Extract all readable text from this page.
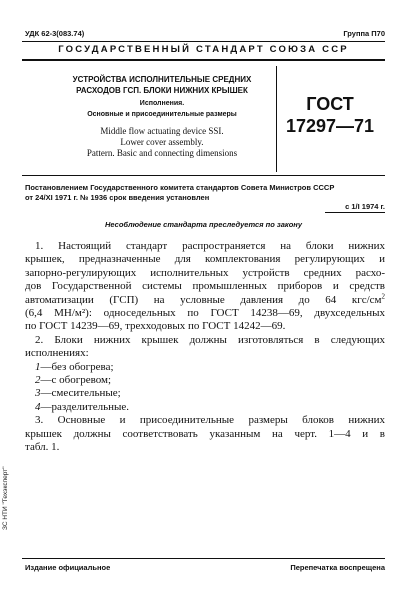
УДК 62-3(083.74)	Группа П70
ГОСУДАРСТВЕННЫЙ СТАНДАРТ СОЮЗА ССР
УСТРОЙСТВА ИСПОЛНИТЕЛЬНЫЕ СРЕДНИХ
РАСХОДОВ ГСП. БЛОКИ НИЖНИХ КРЫШЕК
Исполнения.
Основные и присоединительные размеры
Middle flow actuating device SSI.
Lower cover assembly.
Pattern. Basic and connecting dimensions
ГОСТ
17297—71
Постановлением Государственного комитета стандартов Совета Министров СССР
от 24/XI 1971 г. № 1936 срок введения установлен
с 1/I 1974 г.
Несоблюдение стандарта преследуется по закону
1. Настоящий стандарт распространяется на блоки нижних
крышек, предназначенные для комплектования регулирующих и
запорно-регулирующих исполнительных устройств средних расхо-
дов Государственной системы промышленных приборов и средств
автоматизации (ГСП) на условные давления до 64 кгс/$см^2$
(6,4 МН/м²): односедельных по ГОСТ 14238—69, двухседельных
по ГОСТ 14239—69, трехходовых по ГОСТ 14242—69.
2. Блоки нижних крышек должны изготовляться в следующих
исполнениях:
1—без обогрева;
2—с обогревом;
3—смесительные;
4—разделительные.
3. Основные и присоединительные размеры блоков нижних
крышек должны соответствовать указанным на черт. 1—4 и в
табл. 1.
ЗС НТИ "Техэксперт"
Издание официальное	Перепечатка воспрещена
